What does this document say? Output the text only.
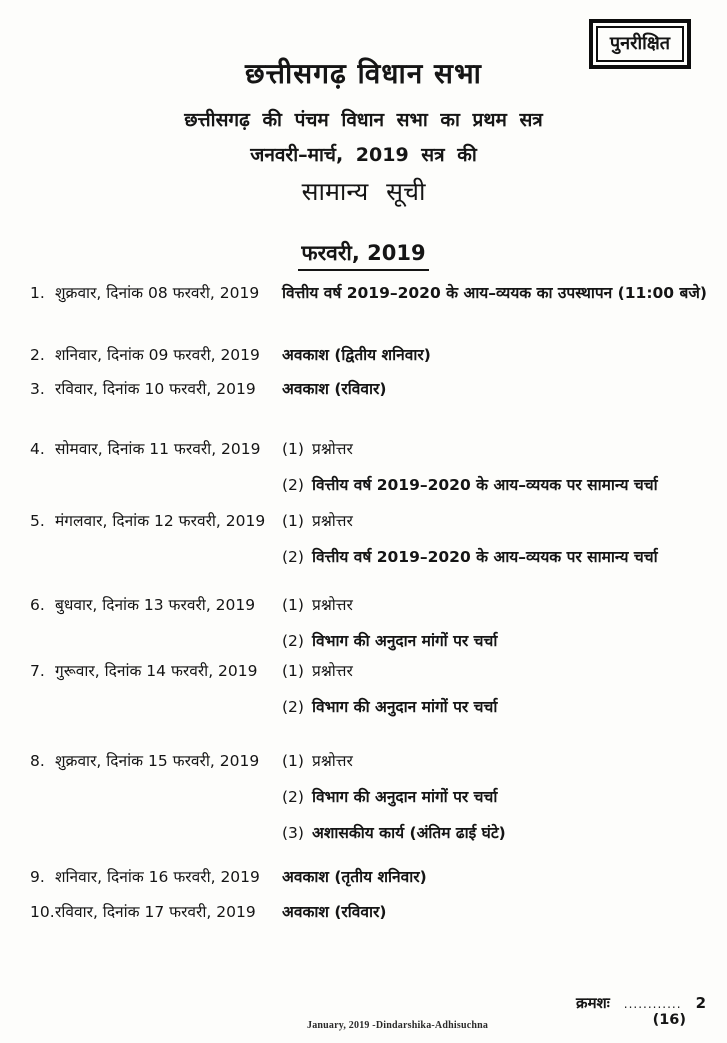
पुनरीक्षित
छत्तीसगढ़ विधान सभा
छत्तीसगढ़ की पंचम विधान सभा का प्रथम सत्र
जनवरी–मार्च, 2019 सत्र की
सामान्य सूची
फरवरी, 2019
1. शुक्रवार, दिनांक 08 फरवरी, 2019	वित्तीय वर्ष 2019–2020 के आय–व्ययक का उपस्थापन (11:00 बजे)
2. शनिवार, दिनांक 09 फरवरी, 2019	अवकाश (द्वितीय शनिवार)
3. रविवार, दिनांक 10 फरवरी, 2019	अवकाश (रविवार)
4. सोमवार, दिनांक 11 फरवरी, 2019	(1) प्रश्नोत्तर
(2) वित्तीय वर्ष 2019–2020 के आय–व्ययक पर सामान्य चर्चा
5. मंगलवार, दिनांक 12 फरवरी, 2019	(1) प्रश्नोत्तर
(2) वित्तीय वर्ष 2019–2020 के आय–व्ययक पर सामान्य चर्चा
6. बुधवार, दिनांक 13 फरवरी, 2019	(1) प्रश्नोत्तर
(2) विभाग की अनुदान मांगों पर चर्चा
7. गुरूवार, दिनांक 14 फरवरी, 2019	(1) प्रश्नोत्तर
(2) विभाग की अनुदान मांगों पर चर्चा
8. शुक्रवार, दिनांक 15 फरवरी, 2019	(1) प्रश्नोत्तर
(2) विभाग की अनुदान मांगों पर चर्चा
(3) अशासकीय कार्य (अंतिम ढाई घंटे)
9. शनिवार, दिनांक 16 फरवरी, 2019	अवकाश (तृतीय शनिवार)
10. रविवार, दिनांक 17 फरवरी, 2019	अवकाश (रविवार)
क्रमशः ............ 2
(16)
January, 2019 -Dindarshika-Adhisuchna
